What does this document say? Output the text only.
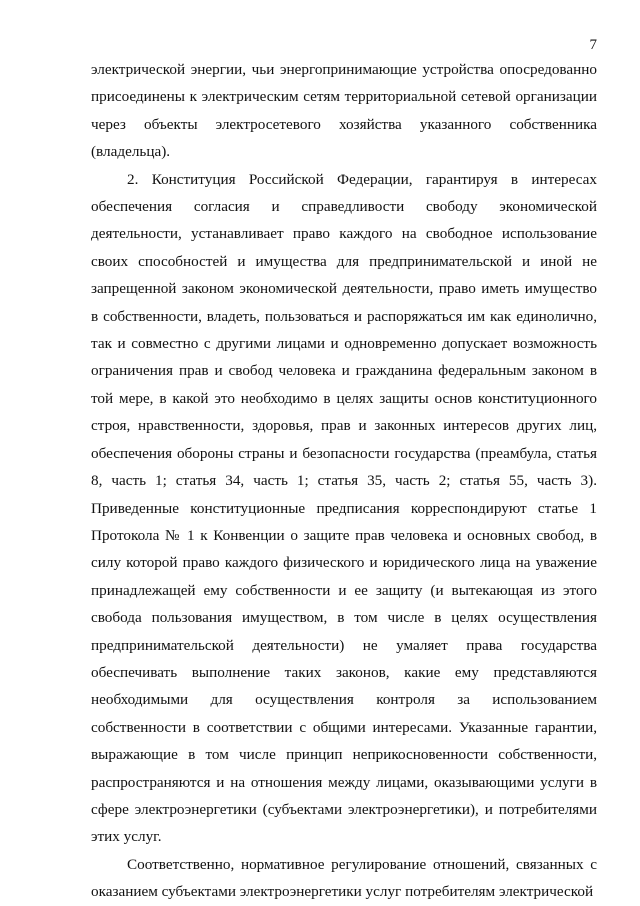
7

электрической энергии, чьи энергопринимающие устройства опосредованно присоединены к электрическим сетям территориальной сетевой организации через объекты электросетевого хозяйства указанного собственника (владельца).

2. Конституция Российской Федерации, гарантируя в интересах обеспечения согласия и справедливости свободу экономической деятельности, устанавливает право каждого на свободное использование своих способностей и имущества для предпринимательской и иной не запрещенной законом экономической деятельности, право иметь имущество в собственности, владеть, пользоваться и распоряжаться им как единолично, так и совместно с другими лицами и одновременно допускает возможность ограничения прав и свобод человека и гражданина федеральным законом в той мере, в какой это необходимо в целях защиты основ конституционного строя, нравственности, здоровья, прав и законных интересов других лиц, обеспечения обороны страны и безопасности государства (преамбула, статья 8, часть 1; статья 34, часть 1; статья 35, часть 2; статья 55, часть 3). Приведенные конституционные предписания корреспондируют статье 1 Протокола № 1 к Конвенции о защите прав человека и основных свобод, в силу которой право каждого физического и юридического лица на уважение принадлежащей ему собственности и ее защиту (и вытекающая из этого свобода пользования имуществом, в том числе в целях осуществления предпринимательской деятельности) не умаляет права государства обеспечивать выполнение таких законов, какие ему представляются необходимыми для осуществления контроля за использованием собственности в соответствии с общими интересами. Указанные гарантии, выражающие в том числе принцип неприкосновенности собственности, распространяются и на отношения между лицами, оказывающими услуги в сфере электроэнергетики (субъектами электроэнергетики), и потребителями этих услуг.

Соответственно, нормативное регулирование отношений, связанных с оказанием субъектами электроэнергетики услуг потребителям электрической
